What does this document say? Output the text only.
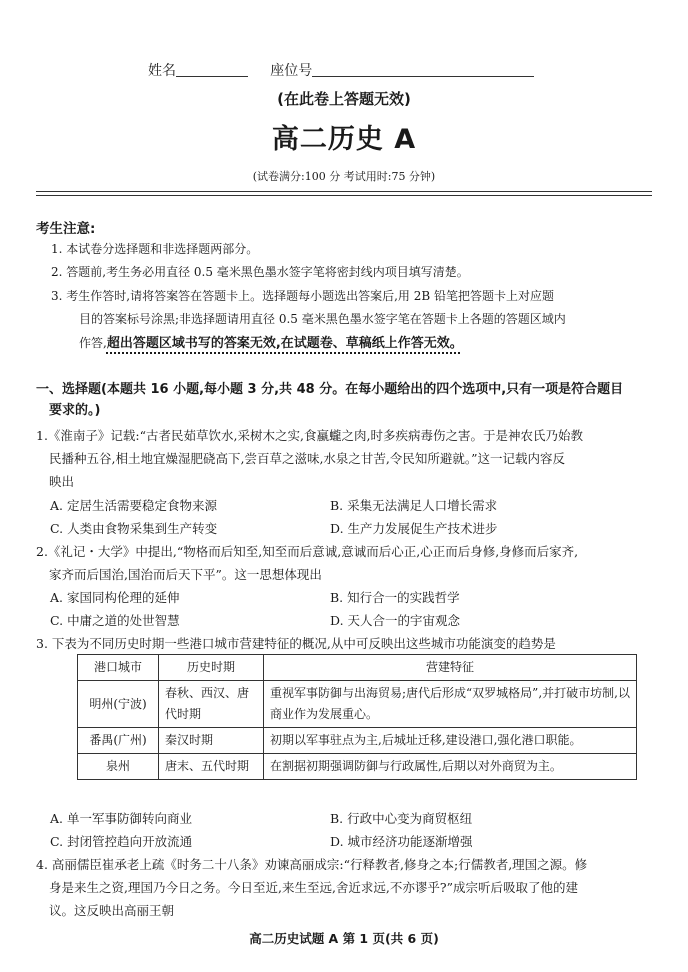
姓名	座位号
(在此卷上答题无效)
高二历史 A
(试卷满分:100 分 考试用时:75 分钟)
考生注意:
1. 本试卷分选择题和非选择题两部分。
2. 答题前,考生务必用直径 0.5 毫米黑色墨水签字笔将密封线内项目填写清楚。
3. 考生作答时,请将答案答在答题卡上。选择题每小题选出答案后,用 2B 铅笔把答题卡上对应题
目的答案标号涂黑;非选择题请用直径 0.5 毫米黑色墨水签字笔在答题卡上各题的答题区域内
作答,超出答题区域书写的答案无效,在试题卷、草稿纸上作答无效。
一、选择题(本题共 16 小题,每小题 3 分,共 48 分。在每小题给出的四个选项中,只有一项是符合题目
要求的。)
1.《淮南子》记载:“古者民茹草饮水,采树木之实,食蠃蠬之肉,时多疾病毒伤之害。于是神农氏乃始教
民播种五谷,相土地宜燥湿肥硗高下,尝百草之滋味,水泉之甘苦,令民知所避就。”这一记载内容反
映出
A. 定居生活需要稳定食物来源	B. 采集无法满足人口增长需求
C. 人类由食物采集到生产转变	D. 生产力发展促生产技术进步
2.《礼记・大学》中提出,“物格而后知至,知至而后意诚,意诚而后心正,心正而后身修,身修而后家齐,
家齐而后国治,国治而后天下平”。这一思想体现出
A. 家国同构伦理的延伸	B. 知行合一的实践哲学
C. 中庸之道的处世智慧	D. 天人合一的宇宙观念
3. 下表为不同历史时期一些港口城市营建特征的概况,从中可反映出这些城市功能演变的趋势是
港口城市	历史时期	营建特征
明州(宁波)	春秋、西汉、唐代时期	重视军事防御与出海贸易;唐代后形成“双罗城格局”,并打破市坊制,以商业作为发展重心。
番禺(广州)	秦汉时期	初期以军事驻点为主,后城址迁移,建设港口,强化港口职能。
泉州	唐末、五代时期	在割据初期强调防御与行政属性,后期以对外商贸为主。
A. 单一军事防御转向商业	B. 行政中心变为商贸枢纽
C. 封闭管控趋向开放流通	D. 城市经济功能逐渐增强
4. 高丽儒臣崔承老上疏《时务二十八条》劝谏高丽成宗:“行释教者,修身之本;行儒教者,理国之源。修
身是来生之资,理国乃今日之务。今日至近,来生至远,舍近求远,不亦谬乎?”成宗听后吸取了他的建
议。这反映出高丽王朝
高二历史试题 A 第 1 页(共 6 页)
